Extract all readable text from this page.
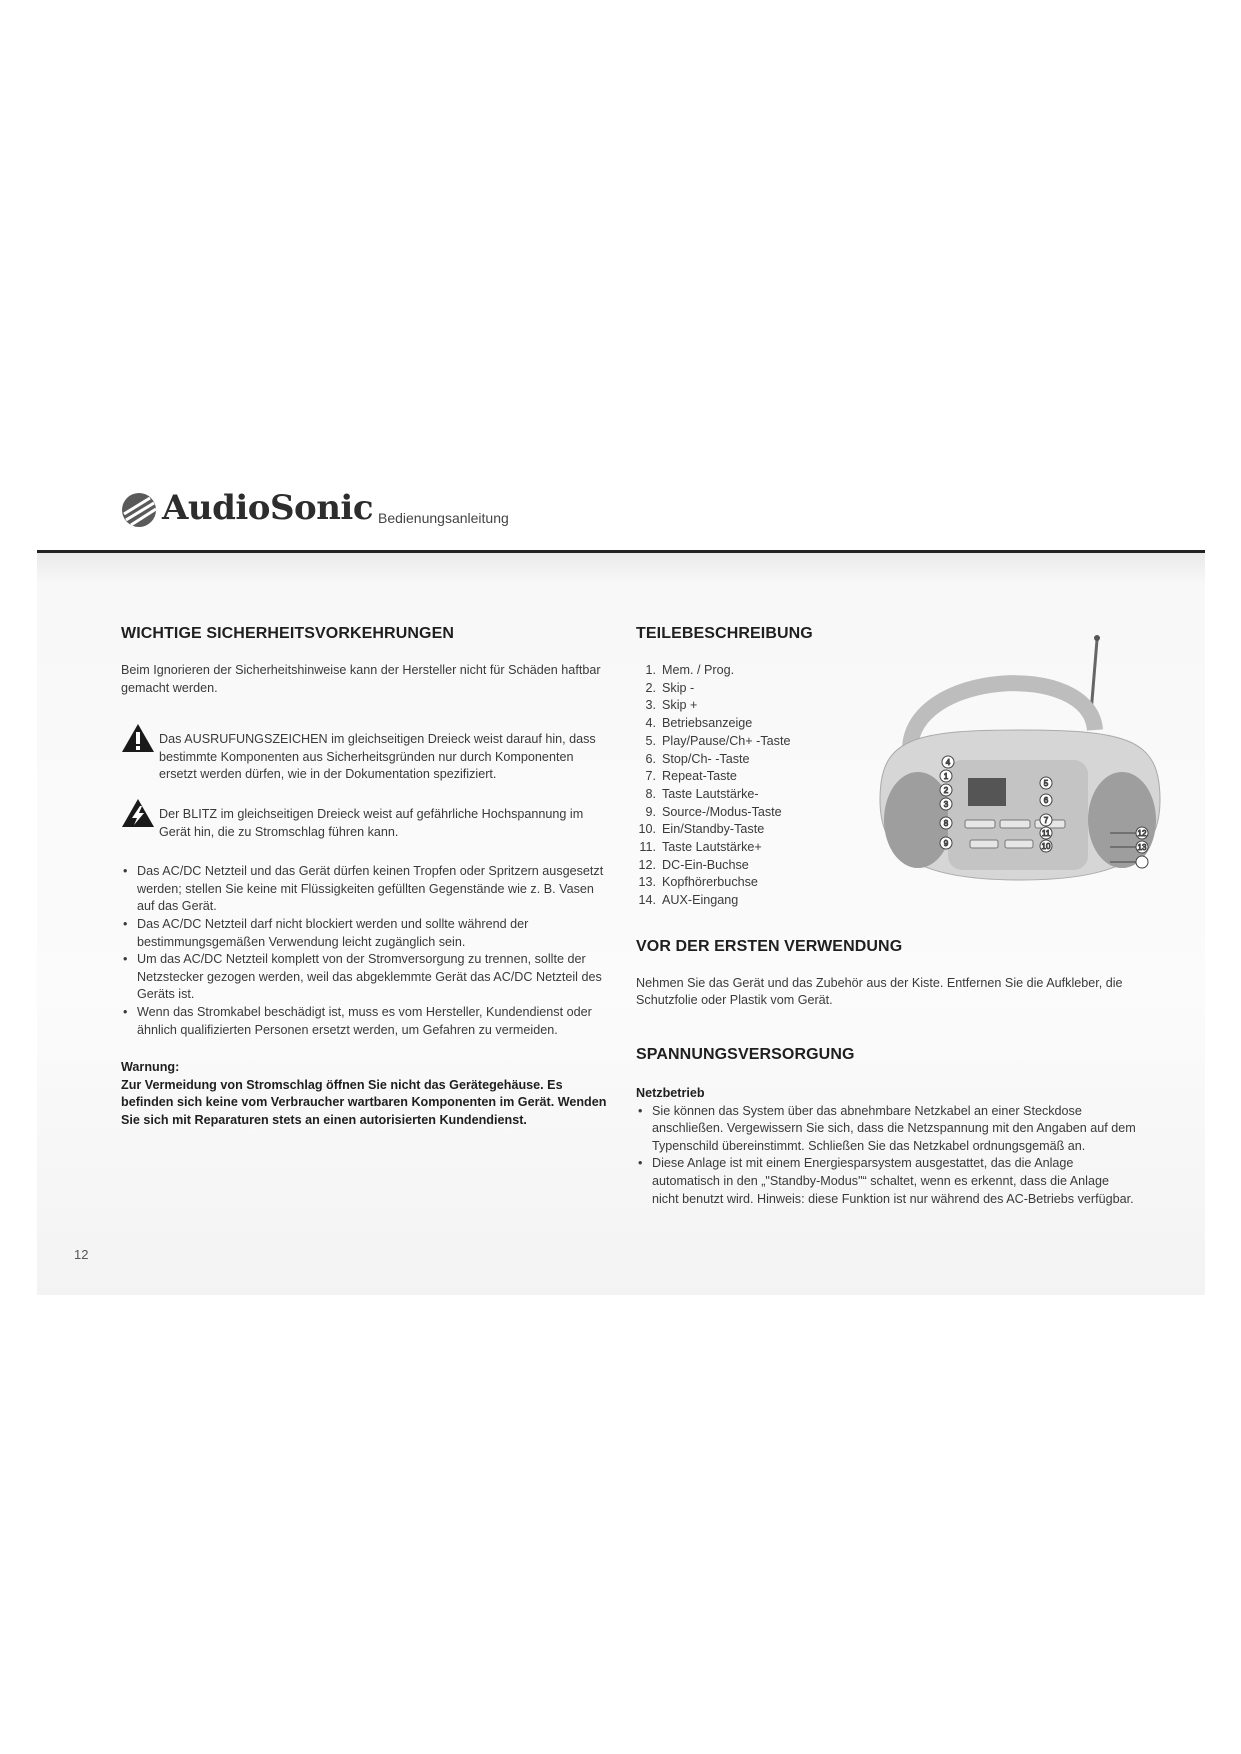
AudioSonic Bedienungsanleitung
WICHTIGE SICHERHEITSVORKEHRUNGEN

Beim Ignorieren der Sicherheitshinweise kann der Hersteller nicht für Schäden haftbar gemacht werden.

Das AUSRUFUNGSZEICHEN im gleichseitigen Dreieck weist darauf hin, dass bestimmte Komponenten aus Sicherheitsgründen nur durch Komponenten ersetzt werden dürfen, wie in der Dokumentation spezifiziert.

Der BLITZ im gleichseitigen Dreieck weist auf gefährliche Hochspannung im Gerät hin, die zu Stromschlag führen kann.

• Das AC/DC Netzteil und das Gerät dürfen keinen Tropfen oder Spritzern ausgesetzt werden; stellen Sie keine mit Flüssigkeiten gefüllten Gegenstände wie z. B. Vasen auf das Gerät.
• Das AC/DC Netzteil darf nicht blockiert werden und sollte während der bestimmungsgemäßen Verwendung leicht zugänglich sein.
• Um das AC/DC Netzteil komplett von der Stromversorgung zu trennen, sollte der Netzstecker gezogen werden, weil das abgeklemmte Gerät das AC/DC Netzteil des Geräts ist.
• Wenn das Stromkabel beschädigt ist, muss es vom Hersteller, Kundendienst oder ähnlich qualifizierten Personen ersetzt werden, um Gefahren zu vermeiden.

Warnung:

Zur Vermeidung von Stromschlag öffnen Sie nicht das Gerätegehäuse. Es befinden sich keine vom Verbraucher wartbaren Komponenten im Gerät. Wenden Sie sich mit Reparaturen stets an einen autorisierten Kundendienst.

TEILEBESCHREIBUNG
1. Mem. / Prog.
2. Skip -
3. Skip +
4. Betriebsanzeige
5. Play/Pause/Ch+ -Taste
6. Stop/Ch- -Taste
7. Repeat-Taste
8. Taste Lautstärke-
9. Source-/Modus-Taste
10. Ein/Standby-Taste
11. Taste Lautstärke+
12. DC-Ein-Buchse
13. Kopfhörerbuchse
14. AUX-Eingang
VOR DER ERSTEN VERWENDUNG

Nehmen Sie das Gerät und das Zubehör aus der Kiste. Entfernen Sie die Aufkleber, die Schutzfolie oder Plastik vom Gerät.

SPANNUNGSVERSORGUNG

Netzbetrieb

• Sie können das System über das abnehmbare Netzkabel an einer Steckdose anschließen. Vergewissern Sie sich, dass die Netzspannung mit den Angaben auf dem Typenschild übereinstimmt. Schließen Sie das Netzkabel ordnungsgemäß an.
• Diese Anlage ist mit einem Energiesparsystem ausgestattet, das die Anlage automatisch in den „"Standby-Modus"“ schaltet, wenn es erkennt, dass die Anlage nicht benutzt wird. Hinweis: diese Funktion ist nur während des AC-Betriebs verfügbar.
4
1
2
3
8
9
5
6
7
11
10
12
13
12
